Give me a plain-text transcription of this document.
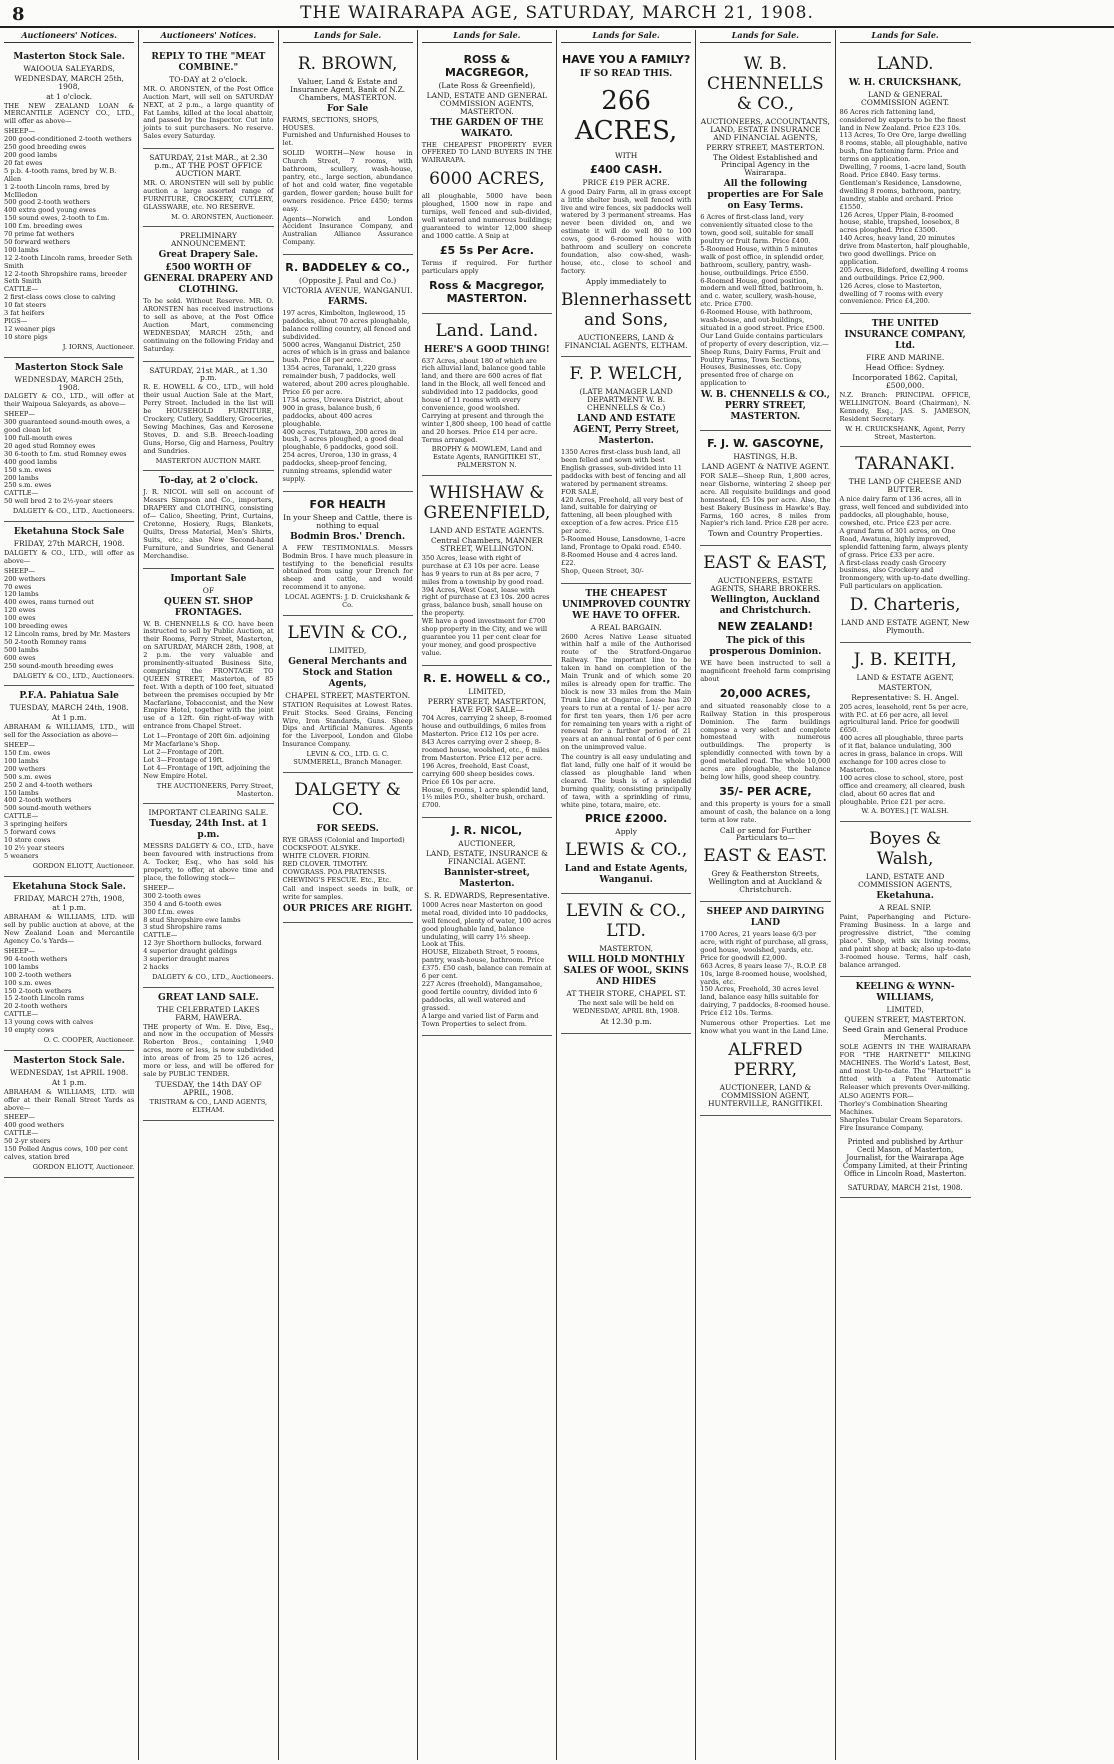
8	THE WAIRARAPA AGE, SATURDAY, MARCH 21, 1908.
Auctioneers' Notices.
Masterton Stock Sale.
WAIOOUA SALEYARDS,
WEDNESDAY, MARCH 25th, 1908,
at 1 o'clock.
THE NEW ZEALAND LOAN & MERCANTILE AGENCY CO., LTD., will offer as above—
SHEEP—
200 good-conditioned 2-tooth wethers
250 good breeding ewes
200 good lambs
20 fat ewes
5 p.b. 4-tooth rams, bred by W. B. Allen
1 2-tooth Lincoln rams, bred by McIlledon
500 good 2-tooth wethers
400 extra good young ewes
150 sound ewes, 2-tooth to f.m.
100 f.m. breeding ewes
70 prime fat wethers
50 forward wethers
100 lambs
12 2-tooth Lincoln rams, breeder Seth Smith
12 2-tooth Shropshire rams, breeder Seth Smith
CATTLE—
2 first-class cows close to calving
10 fat steers
3 fat heifers
PIGS—
12 weaner pigs
10 store pigs
J. IORNS, Auctioneer.
Masterton Stock Sale
WEDNESDAY, MARCH 25th, 1908.
DALGETY & CO., LTD., will offer at their Waipoua Saleyards, as above—
SHEEP—
300 guaranteed sound-mouth ewes, a good clean lot
100 full-mouth ewes
20 aged stud Romney ewes
30 6-tooth to f.m. stud Romney ewes
400 good lambs
150 s.m. ewes
200 lambs
250 s.m. ewes
CATTLE—
50 well bred 2 to 2½-year steers
DALGETY & CO., LTD., Auctioneers.
Eketahuna Stock Sale
FRIDAY, 27th MARCH, 1908.
DALGETY & CO., LTD., will offer as above—
SHEEP—
200 wethers
70 ewes
120 lambs
400 ewes, rams turned out
120 ewes
100 ewes
100 breeding ewes
12 Lincoln rams, bred by Mr. Masters
50 2-tooth Romney rams
500 lambs
600 ewes
250 sound-mouth breeding ewes
DALGETY & CO., LTD., Auctioneers.
P.F.A. Pahiatua Sale
TUESDAY, MARCH 24th, 1908.
At 1 p.m.
ABRAHAM & WILLIAMS, LTD., will sell for the Association as above—
SHEEP—
150 f.m. ewes
100 lambs
200 wethers
500 s.m. ewes
250 2 and 4-tooth wethers
150 lambs
400 2-tooth wethers
500 sound-mouth wethers
CATTLE—
3 springing heifers
5 forward cows
10 store cows
10 2½ year steers
5 weaners
GORDON ELIOTT, Auctioneer.
Eketahuna Stock Sale.
FRIDAY, MARCH 27th, 1908,
at 1 p.m.
ABRAHAM & WILLIAMS, LTD. will sell by public auction at above, at the New Zealand Loan and Mercantile Agency Co.'s Yards—
SHEEP—
90 4-tooth wethers
100 lambs
100 2-tooth wethers
100 s.m. ewes
150 2-tooth wethers
15 2-tooth Lincoln rams
20 2-tooth wethers
CATTLE—
13 young cows with calves
10 empty cows
O. C. COOPER, Auctioneer.
Masterton Stock Sale.
WEDNESDAY, 1st APRIL 1908.
At 1 p.m.
ABRAHAM & WILLIAMS, LTD. will offer at their Renall Street Yards as above—
SHEEP—
400 good wethers
CATTLE—
50 2-yr steers
150 Polled Angus cows, 100 per cent calves, station bred
GORDON ELIOTT, Auctioneer.
Auctioneers' Notices.
REPLY TO THE "MEAT COMBINE."
TO-DAY at 2 o'clock.
MR. O. ARONSTEN, of the Post Office Auction Mart, will sell on SATURDAY NEXT, at 2 p.m., a large quantity of Fat Lambs, killed at the local abattoir, and passed by the Inspector. Cut into joints to suit purchasers. No reserve. Sales every Saturday.
SATURDAY, 21st MAR., at 2.30 p.m., AT THE POST OFFICE AUCTION MART.
MR. O. ARONSTEN will sell by public auction a large assorted range of FURNITURE, CROCKERY, CUTLERY, GLASSWARE, etc. NO RESERVE.
M. O. ARONSTEN, Auctioneer.
PRELIMINARY ANNOUNCEMENT.
Great Drapery Sale.
£500 WORTH OF GENERAL DRAPERY AND CLOTHING.
To be sold. Without Reserve. MR. O. ARONSTEN has received instructions to sell as above, at the Post Office Auction Mart, commencing WEDNESDAY, MARCH 25th, and continuing on the following Friday and Saturday.
SATURDAY, 21st MAR., at 1.30 p.m.
R. E. HOWELL & CO., LTD., will hold their usual Auction Sale at the Mart, Perry Street. Included in the list will be HOUSEHOLD FURNITURE, Crockery, Cutlery, Saddlery, Groceries, Sewing Machines, Gas and Kerosene Stoves, D. and S.B. Breech-loading Guns, Horse, Gig and Harness, Poultry and Sundries.
MASTERTON AUCTION MART.
To-day, at 2 o'clock.
J. R. NICOL will sell on account of Messrs Simpson and Co., importers, DRAPERY and CLOTHING, consisting of— Calico, Sheeting, Print, Curtains, Cretonne, Hosiery, Rugs, Blankets, Quilts, Dress Material, Men's Shirts, Suits, etc.; also New Second-hand Furniture, and Sundries, and General Merchandise.
Important Sale
OF
QUEEN ST. SHOP FRONTAGES.
W. B. CHENNELLS & CO. have been instructed to sell by Public Auction, at their Rooms, Perry Street, Masterton, on SATURDAY, MARCH 28th, 1908, at 2 p.m. the very valuable and prominently-situated Business Site, comprising the FRONTAGE TO QUEEN STREET, Masterton, of 85 feet. With a depth of 100 feet, situated between the premises occupied by Mr Macfarlane, Tobacconist, and the New Empire Hotel, together with the joint use of a 12ft. 6in right-of-way with entrance from Chapel Street.
Lot 1—Frontage of 20ft 6in. adjoining Mr Macfarlane's Shop.
Lot 2—Frontage of 20ft.
Lot 3—Frontage of 19ft.
Lot 4—Frontage of 19ft, adjoining the New Empire Hotel.
THE AUCTIONEERS, Perry Street, Masterton.
IMPORTANT CLEARING SALE.
Tuesday, 24th Inst. at 1 p.m.
MESSRS DALGETY & CO., LTD., have been favoured with instructions from A. Tocker, Esq., who has sold his property, to offer, at above time and place, the following stock—
SHEEP—
300 2-tooth ewes
350 4 and 6-tooth ewes
300 f.f.m. ewes
8 stud Shropshire ewe lambs
3 stud Shropshire rams
CATTLE—
12 3yr Shorthorn bullocks, forward
4 superior draught geldings
3 superior draught mares
2 hacks
DALGETY & CO., LTD., Auctioneers.
GREAT LAND SALE.
THE CELEBRATED LAKES FARM, HAWERA.
THE property of Wm. E. Dive, Esq., and now in the occupation of Messrs Roberton Bros., containing 1,940 acres, more or less, is now subdivided into areas of from 25 to 126 acres, more or less, and will be offered for sale by PUBLIC TENDER.
TUESDAY, the 14th DAY OF APRIL, 1908.
TRISTRAM & CO., LAND AGENTS, ELTHAM.
Lands for Sale.
R. BROWN,
Valuer, Land & Estate and Insurance Agent, Bank of N.Z. Chambers, MASTERTON.
For Sale
FARMS, SECTIONS, SHOPS, HOUSES.
Furnished and Unfurnished Houses to let.
SOLID WORTH—New house in Church Street, 7 rooms, with bathroom, scullery, wash-house, pantry, etc., large section, abundance of hot and cold water, fine vegetable garden, flower garden; house built for owners residence. Price £450; terms easy.
Agents—Norwich and London Accident Insurance Company, and Australian Alliance Assurance Company.
R. BADDELEY & CO.,
(Opposite J. Paul and Co.)
VICTORIA AVENUE, WANGANUI.
FARMS.
197 acres, Kimbolton, Inglewood, 15 paddocks, about 70 acres ploughable, balance rolling country, all fenced and subdivided.
5000 acres, Wanganui District, 250 acres of which is in grass and balance bush. Price £8 per acre.
1354 acres, Taranaki, 1,220 grass remainder bush, 7 paddocks, well watered, about 200 acres ploughable. Price £6 per acre.
1734 acres, Urewera District, about 900 in grass, balance bush, 6 paddocks, about 400 acres ploughable.
400 acres, Tutatawa, 200 acres in bush, 3 acres ploughed, a good deal ploughable, 6 paddocks, good soil.
254 acres, Ureroa, 130 in grass, 4 paddocks, sheep-proof fencing, running streams, splendid water supply.
FOR HEALTH
In your Sheep and Cattle, there is nothing to equal
Bodmin Bros.' Drench.
A FEW TESTIMONIALS. Messrs Bodmin Bros. I have much pleasure in testifying to the beneficial results obtained from using your Drench for sheep and cattle, and would recommend it to anyone.
LOCAL AGENTS: J. D. Cruickshank & Co.
LEVIN & CO.,
LIMITED,
General Merchants and Stock and Station Agents,
CHAPEL STREET, MASTERTON.
STATION Requisites at Lowest Rates. Fruit Stocks. Seed Grains, Fencing Wire, Iron Standards, Guns. Sheep Dips and Artificial Manures. Agents for the Liverpool, London and Globe Insurance Company.
LEVIN & CO., LTD. G. C. SUMMERELL, Branch Manager.
DALGETY & CO.
FOR SEEDS.
RYE GRASS (Colonial and Imported)
COCKSFOOT. ALSYKE.
WHITE CLOVER. FIORIN.
RED CLOVER. TIMOTHY.
COWGRASS. POA PRATENSIS.
CHEWING'S FESCUE. Etc., Etc.
Call and inspect seeds in bulk, or write for samples.
OUR PRICES ARE RIGHT.
Lands for Sale.
ROSS & MACGREGOR,
(Late Ross & Greenfield),
LAND, ESTATE AND GENERAL COMMISSION AGENTS, MASTERTON.
THE GARDEN OF THE WAIKATO.
THE CHEAPEST PROPERTY EVER OFFERED TO LAND BUYERS IN THE WAIRARAPA.
6000 ACRES,
all ploughable, 5000 have been ploughed, 1500 now in rape and turnips, well fenced and sub-divided, well watered and numerous buildings; guaranteed to winter 12,000 sheep and 1000 cattle. A Snip at
£5 5s Per Acre.
Terms if required. For further particulars apply
Ross & Macgregor, MASTERTON.
Land. Land.
HERE'S A GOOD THING!
637 Acres, about 180 of which are rich alluvial land, balance good table land, and there are 600 acres of flat land in the Block, all well fenced and subdivided into 12 paddocks, good house of 11 rooms with every convenience, good woolshed.
Carrying at present and through the winter 1,800 sheep, 100 head of cattle and 20 horses. Price £14 per acre. Terms arranged.
BROPHY & MOWLEM, Land and Estate Agents, RANGITIKEI ST., PALMERSTON N.
WHISHAW & GREENFIELD,
LAND AND ESTATE AGENTS.
Central Chambers, MANNER STREET, WELLINGTON.
350 Acres, lease with right of purchase at £3 10s per acre. Lease has 9 years to run at 8s per acre, 7 miles from a township by good road.
394 Acres, West Coast, lease with right of purchase at £3 10s. 200 acres grass, balance bush, small house on the property.
WE have a good investment for £700 shop property in the City, and we will guarantee you 11 per cent clear for your money, and good prospective value.
R. E. HOWELL & CO.,
LIMITED,
PERRY STREET, MASTERTON, HAVE FOR SALE—
704 Acres, carrying 2 sheep, 8-roomed house and outbuildings, 6 miles from Masterton. Price £12 10s per acre.
843 Acres carrying over 2 sheep, 8-roomed house, woolshed, etc., 6 miles from Masterton. Price £12 per acre.
196 Acres, freehold, East Coast, carrying 600 sheep besides cows. Price £6 10s per acre.
House, 6 rooms, 1 acre splendid land, 1½ miles P.O., shelter bush, orchard. £700.
J. R. NICOL,
AUCTIONEER,
LAND, ESTATE, INSURANCE & FINANCIAL AGENT.
Bannister-street, Masterton.
S. R. EDWARDS, Representative.
1000 Acres near Masterton on good metal road, divided into 10 paddocks, well fenced, plenty of water, 100 acres good ploughable land, balance undulating, will carry 1½ sheep.
Look at This.
HOUSE, Elizabeth Street, 5 rooms, pantry, wash-house, bathroom. Price £375. £50 cash, balance can remain at 6 per cent.
227 Acres (freehold), Mangamahoe, good fertile country, divided into 6 paddocks, all well watered and grassed.
A large and varied list of Farm and Town Properties to select from.
Lands for Sale.
HAVE YOU A FAMILY?
IF SO READ THIS.
266 ACRES,
WITH
£400 CASH.
PRICE £19 PER ACRE.
A good Dairy Farm, all in grass except a little shelter bush, well fenced with live and wire fences, six paddocks well watered by 3 permanent streams. Has never been divided on, and we estimate it will do well 80 to 100 cows, good 6-roomed house with bathroom and scullery on concrete foundation, also cow-shed, wash-house, etc., close to school and factory.
Apply immediately to
Blennerhassett and Sons,
AUCTIONEERS, LAND & FINANCIAL AGENTS, ELTHAM.
F. P. WELCH,
(LATE MANAGER LAND DEPARTMENT W. B. CHENNELLS & Co.)
LAND AND ESTATE AGENT, Perry Street, Masterton.
1350 Acres first-class bush land, all been felled and sown with best English grasses, sub-divided into 11 paddocks with best of fencing and all watered by permanent streams.
FOR SALE,
420 Acres, Freehold, all very best of land, suitable for dairying or fattening, all been ploughed with exception of a few acres. Price £15 per acre.
5-Roomed House, Lansdowne, 1-acre land, Frontage to Opaki road. £540.
8-Roomed House and 4 acres land. £22.
Shop, Queen Street, 30/-
THE CHEAPEST UNIMPROVED COUNTRY WE HAVE TO OFFER.
A REAL BARGAIN.
2600 Acres Native Lease situated within half a mile of the Authorised route of the Stratford-Ongarue Railway. The important line to be taken in hand on completion of the Main Trunk and of which some 20 miles is already open for traffic. The block is now 33 miles from the Main Trunk Line at Ongarue. Lease has 20 years to run at a rental of 1/- per acre for first ten years, then 1/6 per acre for remaining ten years with a right of renewal for a further period of 21 years at an annual rental of 6 per cent on the unimproved value.
The country is all easy undulating and flat land, fully one half of it would be classed as ploughable land when cleared. The bush is of a splendid burning quality, consisting principally of tawa, with a sprinkling of rimu, white pine, totara, maire, etc.
PRICE £2000.
Apply
LEWIS & CO.,
Land and Estate Agents, Wanganui.
LEVIN & CO., LTD.
MASTERTON,
WILL HOLD MONTHLY SALES OF WOOL, SKINS AND HIDES
AT THEIR STORE, CHAPEL ST.
The next sale will be held on WEDNESDAY, APRIL 8th, 1908.
At 12.30 p.m.
Lands for Sale.
W. B. CHENNELLS & CO.,
AUCTIONEERS, ACCOUNTANTS, LAND, ESTATE INSURANCE AND FINANCIAL AGENTS,
PERRY STREET, MASTERTON.
The Oldest Established and Principal Agency in the Wairarapa.
All the following properties are For Sale on Easy Terms.
6 Acres of first-class land, very conveniently situated close to the town, good soil, suitable for small poultry or fruit farm. Price £400.
5-Roomed House, within 5 minutes walk of post office, in splendid order, bathroom, scullery, pantry, wash-house, outbuildings. Price £550.
6-Roomed House, good position, modern and well fitted, bathroom, h. and c. water, scullery, wash-house, etc. Price £700.
6-Roomed House, with bathroom, wash-house, and out-buildings, situated in a good street. Price £500.
Our Land Guide contains particulars of property of every description, viz.—Sheep Runs, Dairy Farms, Fruit and Poultry Farms, Town Sections, Houses, Businesses, etc. Copy presented free of charge on application to
W. B. CHENNELLS & CO., PERRY STREET, MASTERTON.
F. J. W. GASCOYNE,
HASTINGS, H.B.
LAND AGENT & NATIVE AGENT.
FOR SALE—Sheep Run, 1,800 acres, near Gisborne, wintering 2 sheep per acre. All requisite buildings and good homestead, £5 10s per acre. Also, the best Bakery Business in Hawke's Bay. Farms, 160 acres, 8 miles from Napier's rich land. Price £28 per acre.
Town and Country Properties.
EAST & EAST,
AUCTIONEERS, ESTATE AGENTS, SHARE BROKERS.
Wellington, Auckland and Christchurch.
NEW ZEALAND!
The pick of this prosperous Dominion.
WE have been instructed to sell a magnificent freehold farm comprising about
20,000 ACRES,
and situated reasonably close to a Railway Station in this prosperous Dominion. The farm buildings compose a very select and complete homestead with numerous outbuildings. The property is splendidly connected with town by a good metalled road. The whole 10,000 acres are ploughable, the balance being low hills, good sheep country.
35/- PER ACRE,
and this property is yours for a small amount of cash, the balance on a long term at low rate.
Call or send for Further Particulars to—
EAST & EAST.
Grey & Featherston Streets, Wellington and at Auckland & Christchurch.
SHEEP AND DAIRYING LAND
1700 Acres, 21 years lease 6/3 per acre, with right of purchase, all grass, good house, woolshed, yards, etc. Price for goodwill £2,000.
663 Acres, 8 years lease 7/-, R.O.P. £8 10s, large 8-roomed house, woolshed, yards, etc.
150 Acres, Freehold, 30 acres level land, balance easy hills suitable for dairying, 7 paddocks, 8-roomed house. Price £12 10s. Terms.
Numerous other Properties. Let me know what you want in the Land Line.
ALFRED PERRY,
AUCTIONEER, LAND & COMMISSION AGENT, HUNTERVILLE, RANGITIKEI.
Lands for Sale.
LAND.
W. H. CRUICKSHANK,
LAND & GENERAL COMMISSION AGENT.
86 Acres rich fattening land, considered by experts to be the finest land in New Zealand. Price £23 10s.
113 Acres, To Ore Ore, large dwelling 8 rooms, stable, all ploughable, native bush, fine fattening farm. Price and terms on application.
Dwelling, 7 rooms, 1-acre land, South Road. Price £840. Easy terms.
Gentleman's Residence, Lansdowne, dwelling 8 rooms, bathroom, pantry, laundry, stable and orchard. Price £1550.
126 Acres, Upper Plain, 8-roomed house, stable, trapshed, loosebox, 8 acres ploughed. Price £3500.
140 Acres, heavy land, 20 minutes drive from Masterton, half ploughable, two good dwellings. Price on application.
205 Acres, Bideford, dwelling 4 rooms and outbuildings. Price £2,900.
126 Acres, close to Masterton, dwelling of 7 rooms with every convenience. Price £4,200.
THE UNITED INSURANCE COMPANY, Ltd.
FIRE AND MARINE.
Head Office: Sydney.
Incorporated 1862. Capital, £500,000.
N.Z. Branch: PRINCIPAL OFFICE, WELLINGTON. Board (Chairman), N. Kennedy, Esq., JAS. S. JAMESON, Resident Secretary.
W. H. CRUICKSHANK, Agent, Perry Street, Masterton.
TARANAKI.
THE LAND OF CHEESE AND BUTTER.
A nice dairy farm of 136 acres, all in grass, well fenced and subdivided into paddocks, all ploughable, house, cowshed, etc. Price £23 per acre.
A grand farm of 301 acres, on One Road, Awatuna, highly improved, splendid fattening farm, always plenty of grass. Price £33 per acre.
A first-class ready cash Grocery business, also Crockery and Ironmongery, with up-to-date dwelling. Full particulars on application.
D. Charteris,
LAND AND ESTATE AGENT, New Plymouth.
J. B. KEITH,
LAND & ESTATE AGENT,
MASTERTON,
Representative: S. H. Angel.
205 acres, leasehold, rent 5s per acre, with P.C. at £6 per acre, all level agricultural land. Price for goodwill £650.
400 acres all ploughable, three parts of it flat, balance undulating, 300 acres in grass, balance in crops. Will exchange for 100 acres close to Masterton.
100 acres close to school, store, post office and creamery, all cleared, bush clad, about 60 acres flat and ploughable. Price £21 per acre.
W. A. BOYES.] [T. WALSH.
Boyes & Walsh,
LAND, ESTATE AND COMMISSION AGENTS,
Eketahuna.
A REAL SNIP.
Paint, Paperhanging and Picture-Framing Business. In a large and progressive district, "the coming place". Shop, with six living rooms, and paint shop at back; also up-to-date 3-roomed house. Terms, half cash, balance arranged.
KEELING & WYNN-WILLIAMS,
LIMITED,
QUEEN STREET, MASTERTON.
Seed Grain and General Produce Merchants.
SOLE AGENTS IN THE WAIRARAPA FOR "THE HARTNETT" MILKING MACHINES. The World's Latest, Best, and most Up-to-date. The "Hartnett" is fitted with a Patent Automatic Releaser which prevents Over-milking.
ALSO AGENTS FOR—
Thorley's Combination Shearing Machines.
Sharples Tubular Cream Separators.
Fire Insurance Company.
Printed and published by Arthur Cecil Mason, of Masterton, Journalist, for the Wairarapa Age Company Limited, at their Printing Office in Lincoln Road, Masterton.
SATURDAY, MARCH 21st, 1908.
